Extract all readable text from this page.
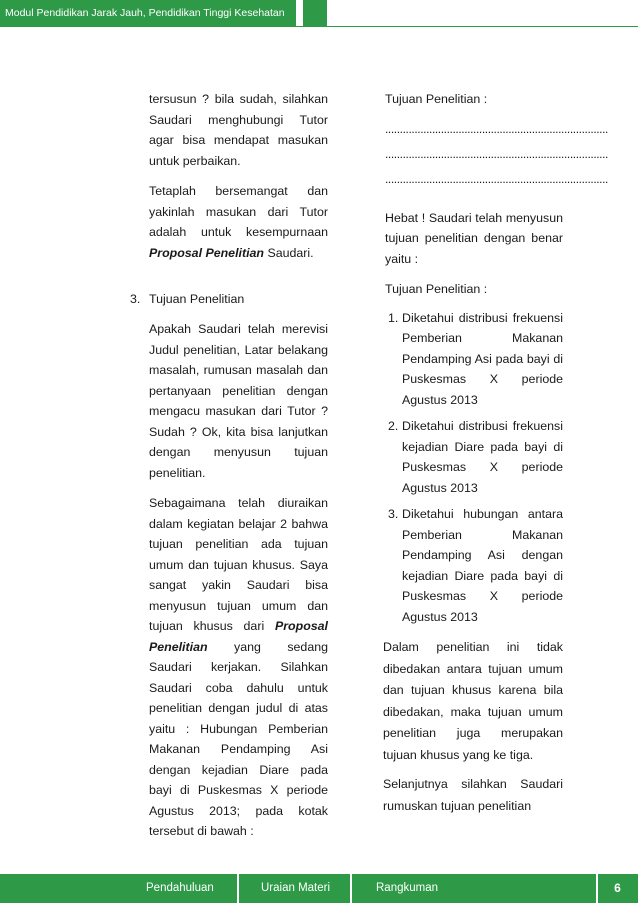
Modul Pendidikan Jarak Jauh, Pendidikan Tinggi Kesehatan

tersusun ? bila sudah, silahkan Saudari menghubungi Tutor agar bisa mendapat masukan untuk perbaikan.

Tetaplah bersemangat dan yakinlah masukan dari Tutor adalah untuk kesempurnaan Proposal Penelitian Saudari.

3. Tujuan Penelitian

Apakah Saudari telah merevisi Judul penelitian, Latar belakang masalah, rumusan masalah dan pertanyaan penelitian dengan mengacu masukan dari Tutor ? Sudah ? Ok, kita bisa lanjutkan dengan menyusun tujuan penelitian.

Sebagaimana telah diuraikan dalam kegiatan belajar 2 bahwa tujuan penelitian ada tujuan umum dan tujuan khusus. Saya sangat yakin Saudari bisa menyusun tujuan umum dan tujuan khusus dari Proposal Penelitian yang sedang Saudari kerjakan. Silahkan Saudari coba dahulu untuk penelitian dengan judul di atas yaitu : Hubungan Pemberian Makanan Pendamping Asi dengan kejadian Diare pada bayi di Puskesmas X periode Agustus 2013; pada kotak tersebut di bawah :

Tujuan Penelitian :

............................................................................

............................................................................

............................................................................

Hebat ! Saudari telah menyusun tujuan penelitian dengan benar yaitu :

Tujuan Penelitian :

1. Diketahui distribusi frekuensi Pemberian Makanan Pendamping Asi pada bayi di Puskesmas X periode Agustus 2013
2. Diketahui distribusi frekuensi kejadian Diare pada bayi di Puskesmas X periode Agustus 2013
3. Diketahui hubungan antara Pemberian Makanan Pendamping Asi dengan kejadian Diare pada bayi di Puskesmas X periode Agustus 2013

Dalam penelitian ini tidak dibedakan antara tujuan umum dan tujuan khusus karena bila dibedakan, maka tujuan umum penelitian juga merupakan tujuan khusus yang ke tiga.

Selanjutnya silahkan Saudari rumuskan tujuan penelitian

Pendahuluan	Uraian Materi	Rangkuman	6
